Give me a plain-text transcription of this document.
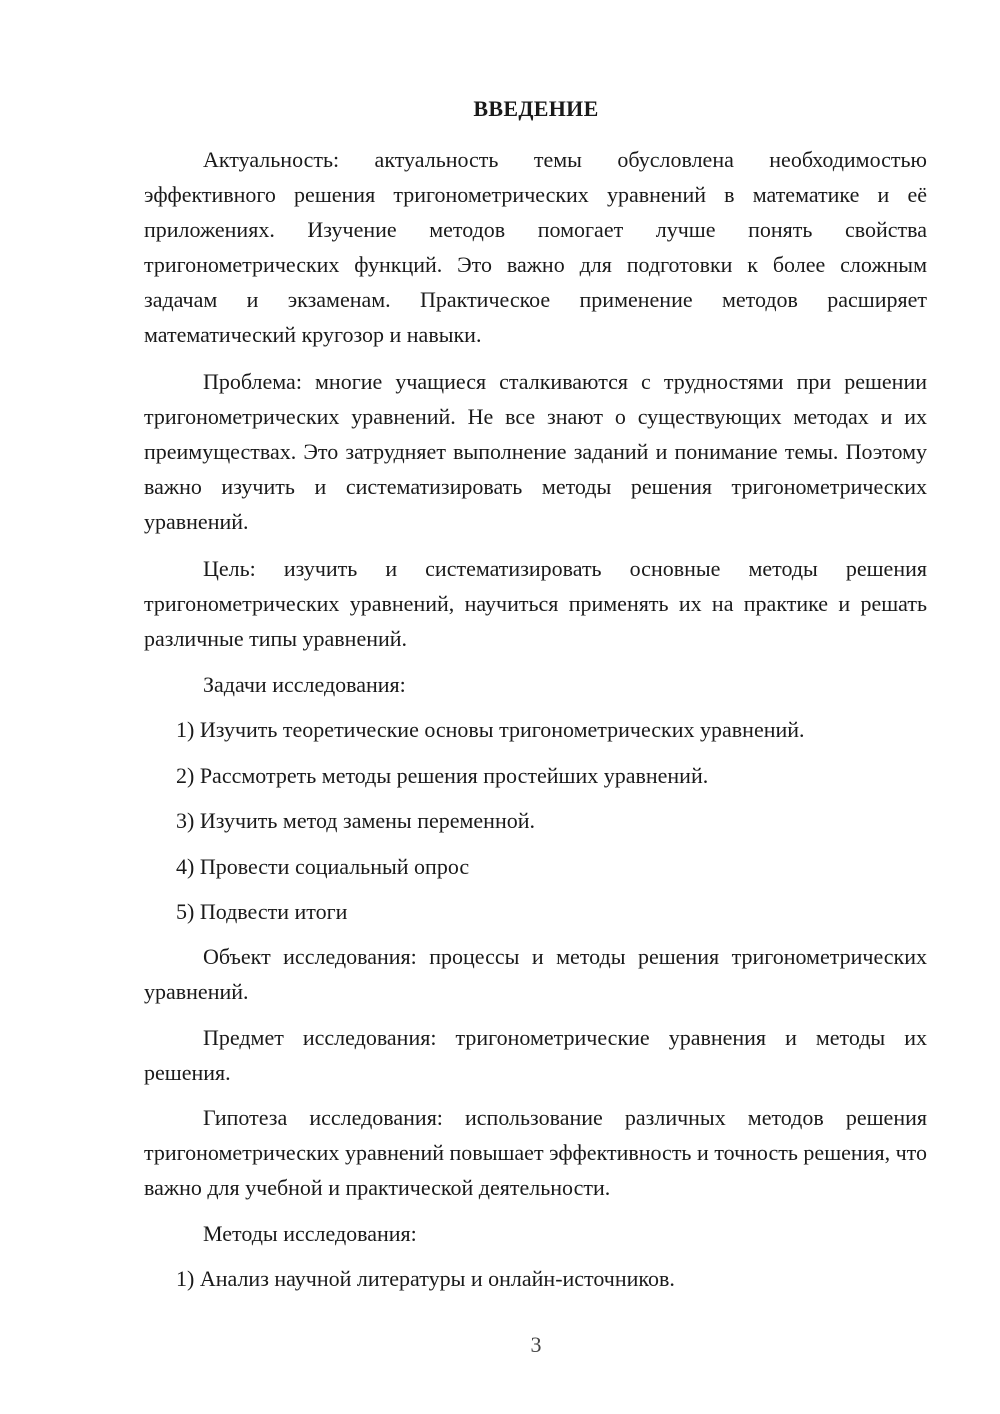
ВВЕДЕНИЕ

Актуальность: актуальность темы обусловлена необходимостью эффективного решения тригонометрических уравнений в математике и её приложениях. Изучение методов помогает лучше понять свойства тригонометрических функций. Это важно для подготовки к более сложным задачам и экзаменам. Практическое применение методов расширяет математический кругозор и навыки.

Проблема: многие учащиеся сталкиваются с трудностями при решении тригонометрических уравнений. Не все знают о существующих методах и их преимуществах. Это затрудняет выполнение заданий и понимание темы. Поэтому важно изучить и систематизировать методы решения тригонометрических уравнений.

Цель: изучить и систематизировать основные методы решения тригонометрических уравнений, научиться применять их на практике и решать различные типы уравнений.

Задачи исследования:
1) Изучить теоретические основы тригонометрических уравнений.
2) Рассмотреть методы решения простейших уравнений.
3) Изучить метод замены переменной.
4) Провести социальный опрос
5) Подвести итоги

Объект исследования: процессы и методы решения тригонометрических уравнений.

Предмет исследования: тригонометрические уравнения и методы их решения.

Гипотеза исследования: использование различных методов решения тригонометрических уравнений повышает эффективность и точность решения, что важно для учебной и практической деятельности.

Методы исследования:
1) Анализ научной литературы и онлайн-источников.
3
